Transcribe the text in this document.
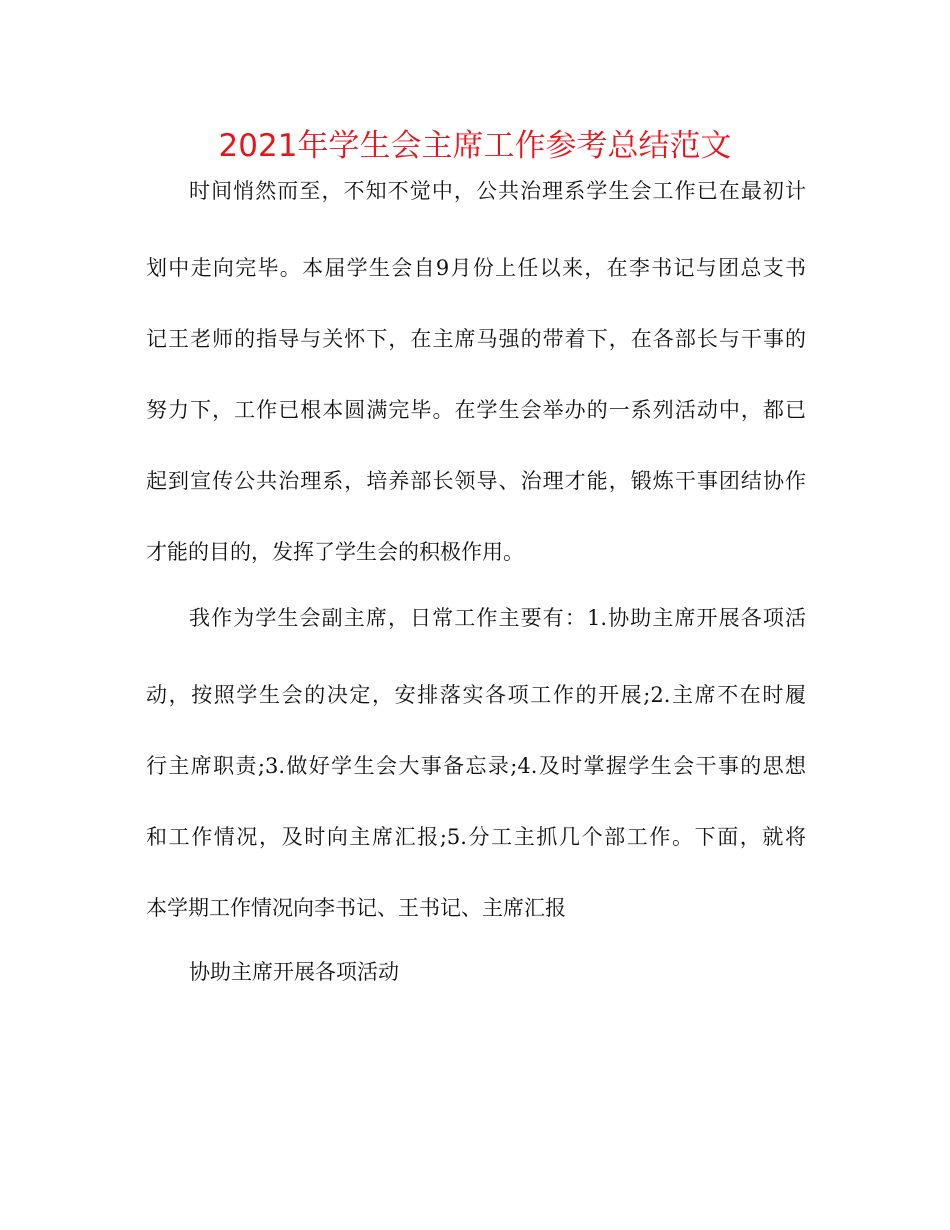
2021年学生会主席工作参考总结范文
时间悄然而至，不知不觉中，公共治理系学生会工作已在最初计
划中走向完毕。本届学生会自9月份上任以来，在李书记与团总支书
记王老师的指导与关怀下，在主席马强的带着下，在各部长与干事的
努力下，工作已根本圆满完毕。在学生会举办的一系列活动中，都已
起到宣传公共治理系，培养部长领导、治理才能，锻炼干事团结协作
才能的目的，发挥了学生会的积极作用。
我作为学生会副主席，日常工作主要有：1.协助主席开展各项活
动，按照学生会的决定，安排落实各项工作的开展;2.主席不在时履
行主席职责;3.做好学生会大事备忘录;4.及时掌握学生会干事的思想
和工作情况，及时向主席汇报;5.分工主抓几个部工作。下面，就将
本学期工作情况向李书记、王书记、主席汇报
协助主席开展各项活动
